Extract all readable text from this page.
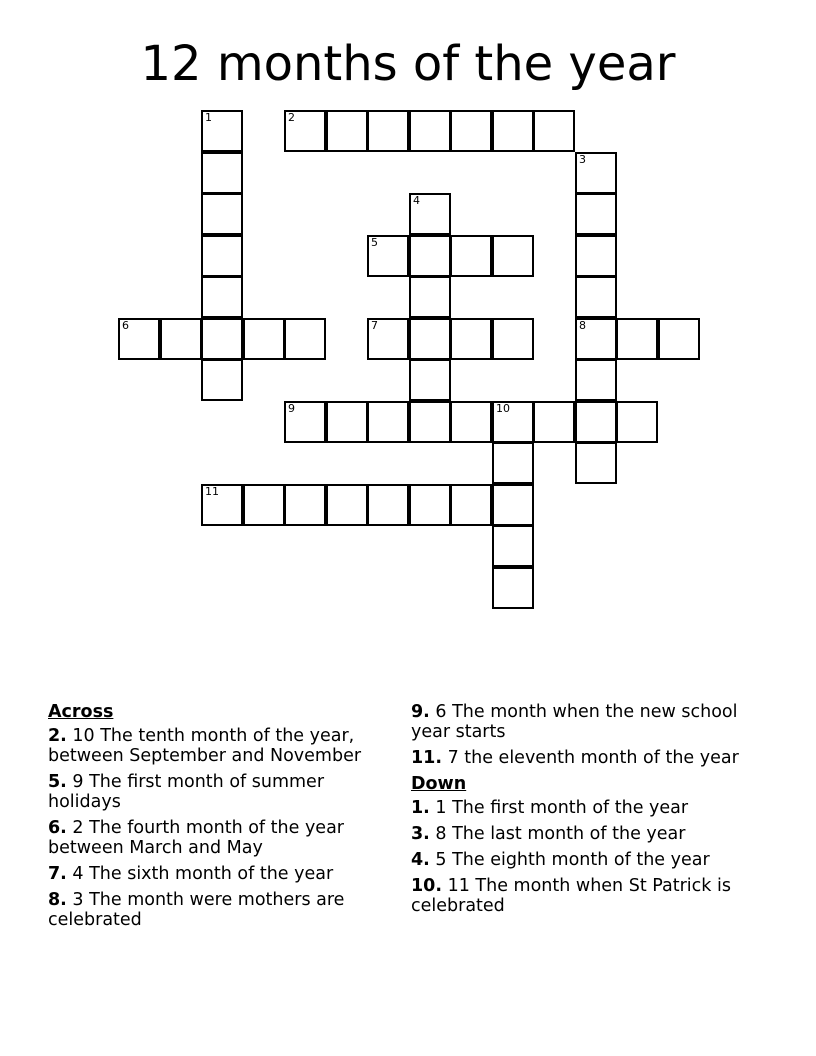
12 months of the year
1	2
3
8
4
5
6	7
9	10
11
Across
2. 10 The tenth month of the year, between September and November
5. 9 The first month of summer holidays
6. 2 The fourth month of the year between March and May
7. 4 The sixth month of the year
8. 3 The month were mothers are celebrated
9. 6 The month when the new school year starts
11. 7 the eleventh month of the year
Down
1. 1 The first month of the year
3. 8 The last month of the year
4. 5 The eighth month of the year
10. 11 The month when St Patrick is celebrated
